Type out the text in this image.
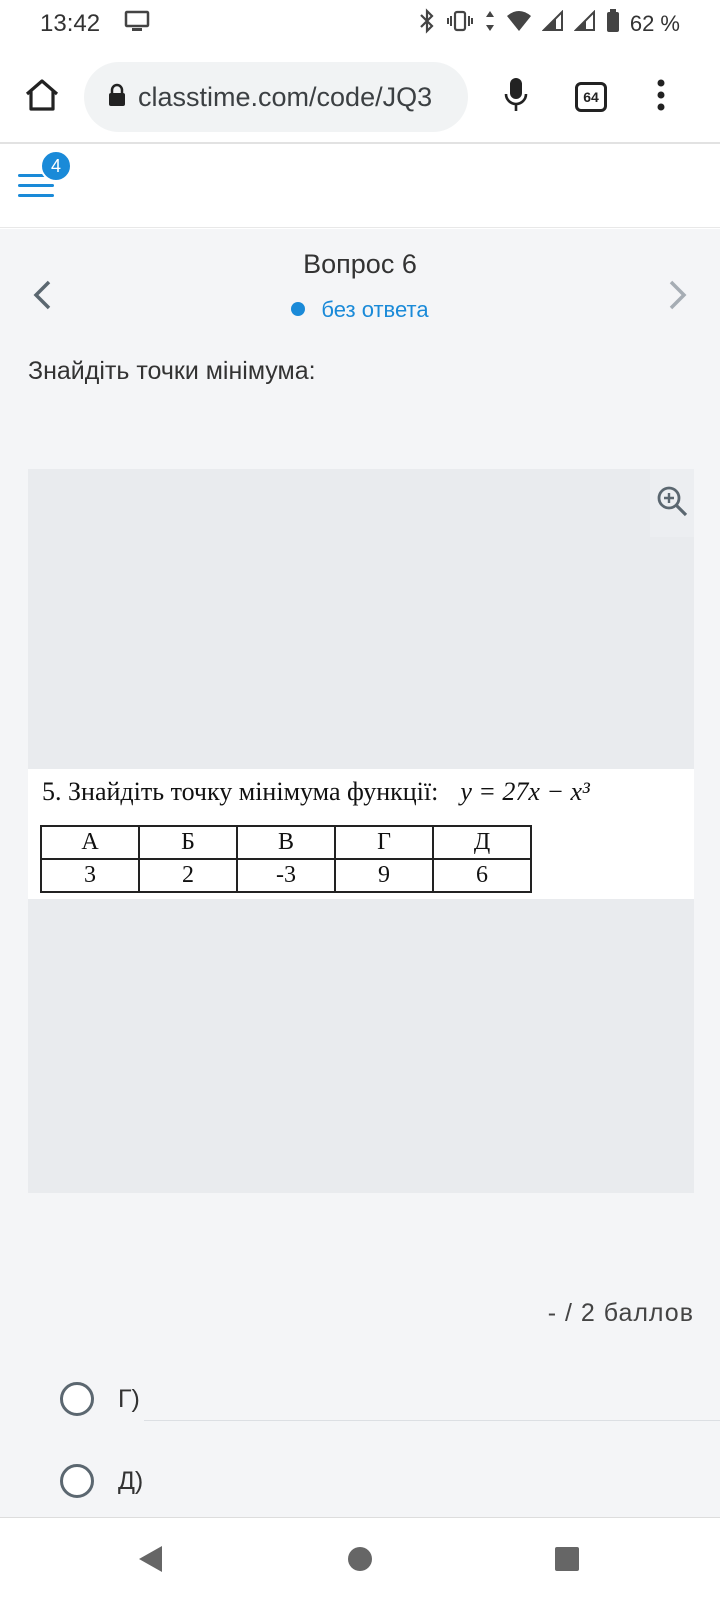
13:42	62 %
classtime.com/code/JQ3	64
4
Вопрос 6
без ответа
Знайдіть точки мінімума:
5. Знайдіть точку мінімума функції: y = 27x − x³
А	Б	В	Г	Д
3	2	-3	9	6
- / 2 баллов
Г)
Д)
